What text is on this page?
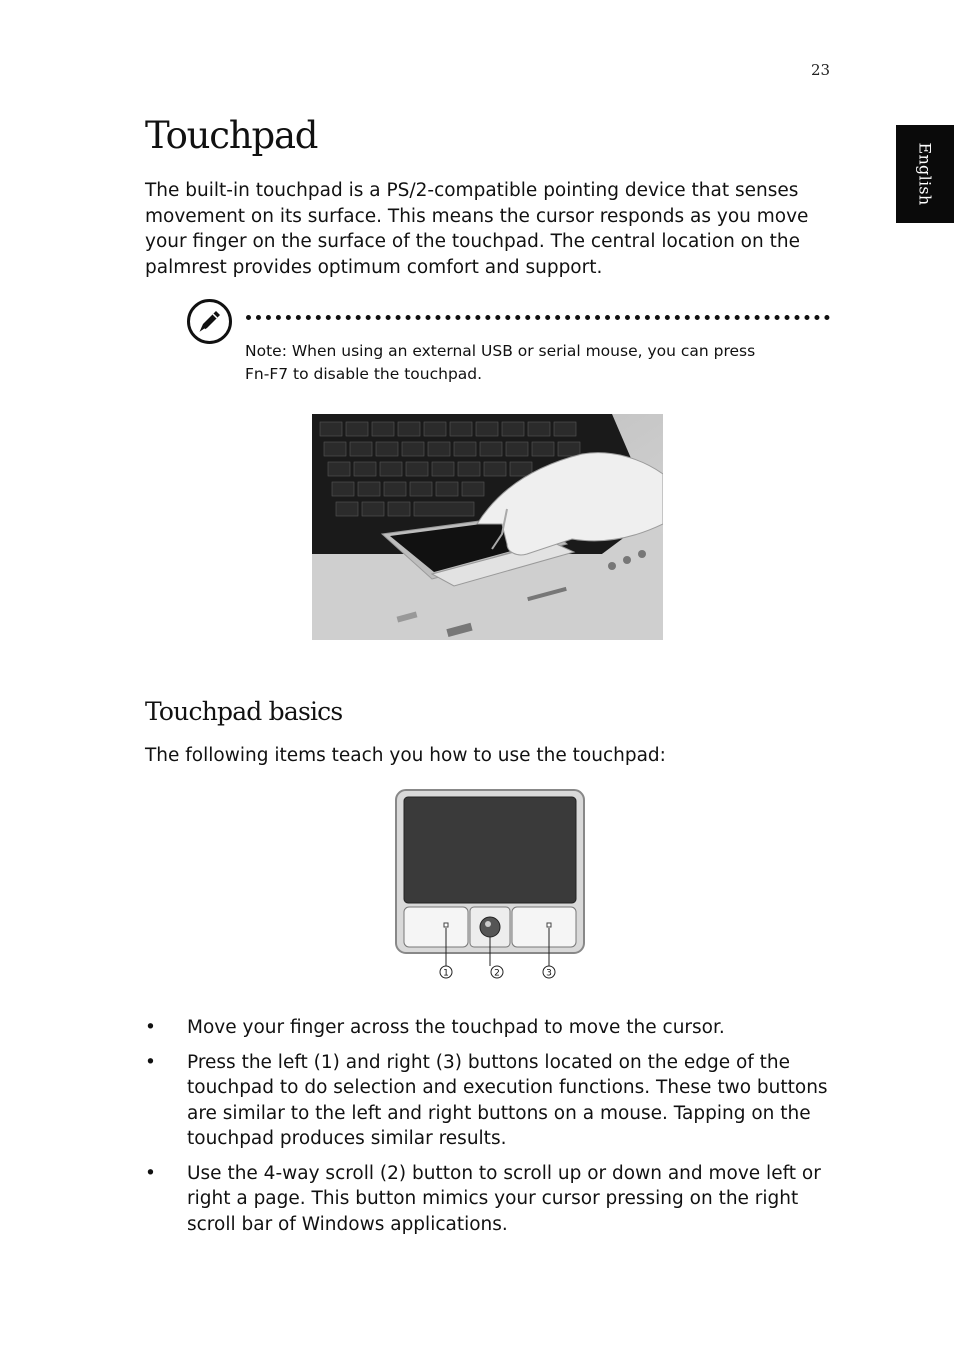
23
English
Touchpad

The built-in touchpad is a PS/2-compatible pointing device that senses movement on its surface. This means the cursor responds as you move your finger on the surface of the touchpad. The central location on the palmrest provides optimum comfort and support.

Note: When using an external USB or serial mouse, you can press
Fn-F7 to disable the touchpad.

Touchpad basics

The following items teach you how to use the touchpad:

1	2	3
• Move your finger across the touchpad to move the cursor.
• Press the left (1) and right (3) buttons located on the edge of the touchpad to do selection and execution functions. These two buttons are similar to the left and right buttons on a mouse. Tapping on the touchpad produces similar results.
• Use the 4-way scroll (2) button to scroll up or down and move left or right a page. This button mimics your cursor pressing on the right scroll bar of Windows applications.
